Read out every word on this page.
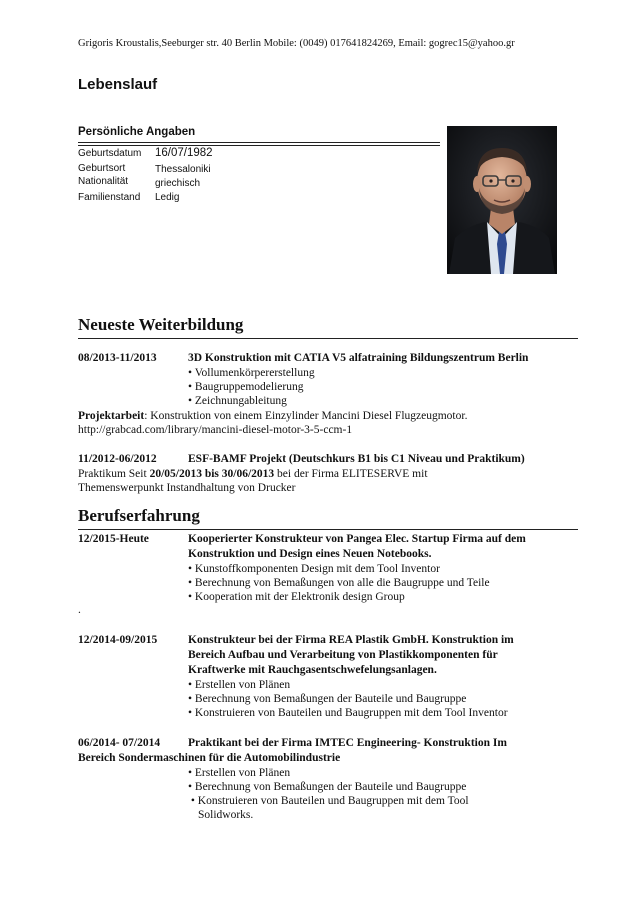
Grigoris Kroustalis,Seeburger str. 40 Berlin Mobile: (0049) 017641824269, Email: gogrec15@yahoo.gr
Lebenslauf
Persönliche Angaben
Geburtsdatum 16/07/1982
Geburtsort	Thessaloniki
Nationalität	griechisch
Familienstand Ledig
Neueste Weiterbildung
08/2013-11/2013	3D Konstruktion mit CATIA V5 alfatraining Bildungszentrum Berlin
• Vollumenkörpererstellung
• Baugruppemodelierung
• Zeichnungableitung
Projektarbeit: Konstruktion von einem Einzylinder Mancini Diesel Flugzeugmotor.
http://grabcad.com/library/mancini-diesel-motor-3-5-ccm-1
11/2012-06/2012	ESF-BAMF Projekt (Deutschkurs B1 bis C1 Niveau und Praktikum)
Praktikum Seit 20/05/2013 bis 30/06/2013 bei der Firma ELITESERVE mit
Themenswerpunkt Instandhaltung von Drucker
Berufserfahrung
12/2015-Heute	Kooperierter Konstrukteur von Pangea Elec. Startup Firma auf dem
Konstruktion und Design eines Neuen Notebooks.
• Kunstoffkomponenten Design mit dem Tool Inventor
• Berechnung von Bemaßungen von alle die Baugruppe und Teile
• Kooperation mit der Elektronik design Group
.
12/2014-09/2015	Konstrukteur bei der Firma REA Plastik GmbH. Konstruktion im
Bereich Aufbau und Verarbeitung von Plastikkomponenten für
Kraftwerke mit Rauchgasentschwefelungsanlagen.
• Erstellen von Plänen
• Berechnung von Bemaßungen der Bauteile und Baugruppe
• Konstruieren von Bauteilen und Baugruppen mit dem Tool Inventor
06/2014- 07/2014 Praktikant bei der Firma IMTEC Engineering- Konstruktion Im
Bereich Sondermaschinen für die Automobilindustrie
• Erstellen von Plänen
• Berechnung von Bemaßungen der Bauteile und Baugruppe
• Konstruieren von Bauteilen und Baugruppen mit dem Tool
Solidworks.
